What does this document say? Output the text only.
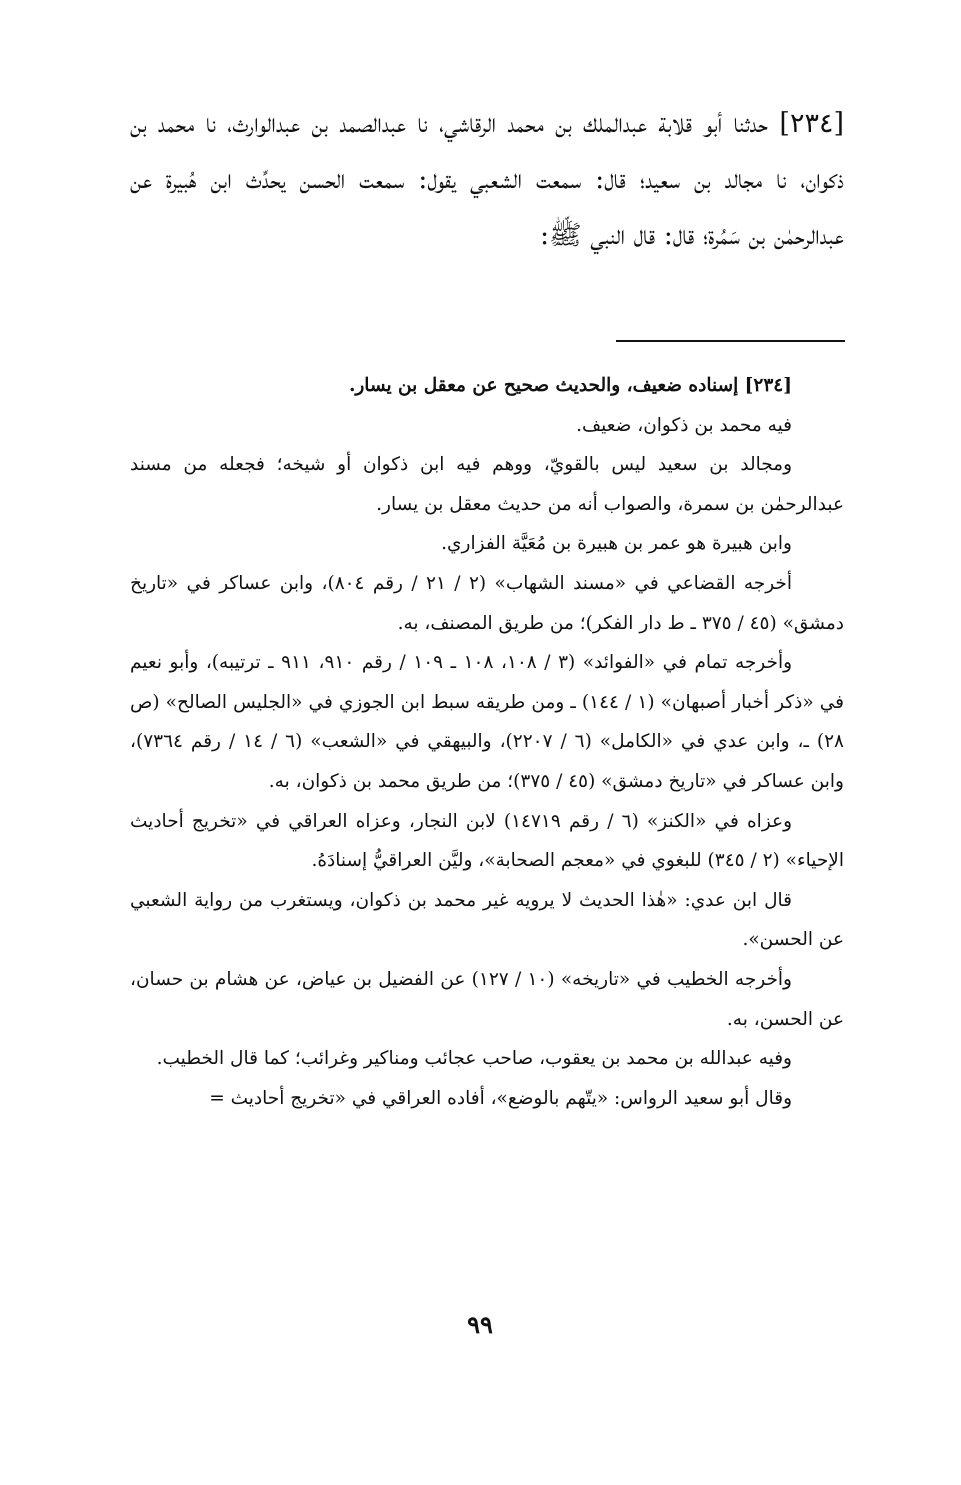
[٢٣٤] حدثنا أبو قلابة عبدالملك بن محمد الرقاشي، نا عبدالصمد بن عبدالوارث، نا محمد بن ذكوان، نا مجالد بن سعيد؛ قال: سمعت الشعبي يقول: سمعت الحسن يحدِّث ابن هُبيرة عن عبدالرحمٰن بن سَمُرة؛ قال: قال النبي ﷺ:

[٢٣٤] إسناده ضعيف، والحديث صحيح عن معقل بن يسار.

فيه محمد بن ذكوان، ضعيف.

ومجالد بن سعيد ليس بالقويّ، ووهم فيه ابن ذكوان أو شيخه؛ فجعله من مسند عبدالرحمٰن بن سمرة، والصواب أنه من حديث معقل بن يسار.

وابن هبيرة هو عمر بن هبيرة بن مُعَيَّة الفزاري.

أخرجه القضاعي في «مسند الشهاب» (٢ / ٢١ / رقم ٨٠٤)، وابن عساكر في «تاريخ دمشق» (٤٥ / ٣٧٥ ـ ط دار الفكر)؛ من طريق المصنف، به.

وأخرجه تمام في «الفوائد» (٣ / ١٠٨، ١٠٨ ـ ١٠٩ / رقم ٩١٠، ٩١١ ـ ترتيبه)، وأبو نعيم في «ذكر أخبار أصبهان» (١ / ١٤٤) ـ ومن طريقه سبط ابن الجوزي في «الجليس الصالح» (ص ٢٨) ـ، وابن عدي في «الكامل» (٦ / ٢٢٠٧)، والبيهقي في «الشعب» (٦ / ١٤ / رقم ٧٣٦٤)، وابن عساكر في «تاريخ دمشق» (٤٥ / ٣٧٥)؛ من طريق محمد بن ذكوان، به.

وعزاه في «الكنز» (٦ / رقم ١٤٧١٩) لابن النجار، وعزاه العراقي في «تخريج أحاديث الإحياء» (٢ / ٣٤٥) للبغوي في «معجم الصحابة»، وليَّن العراقيُّ إسنادَهُ.

قال ابن عدي: «هٰذا الحديث لا يرويه غير محمد بن ذكوان، ويستغرب من رواية الشعبي عن الحسن».

وأخرجه الخطيب في «تاريخه» (١٠ / ١٢٧) عن الفضيل بن عياض، عن هشام بن حسان، عن الحسن، به.

وفيه عبدالله بن محمد بن يعقوب، صاحب عجائب ومناكير وغرائب؛ كما قال الخطيب.

وقال أبو سعيد الرواس: «يتّهم بالوضع»، أفاده العراقي في «تخريج أحاديث =

٩٩
